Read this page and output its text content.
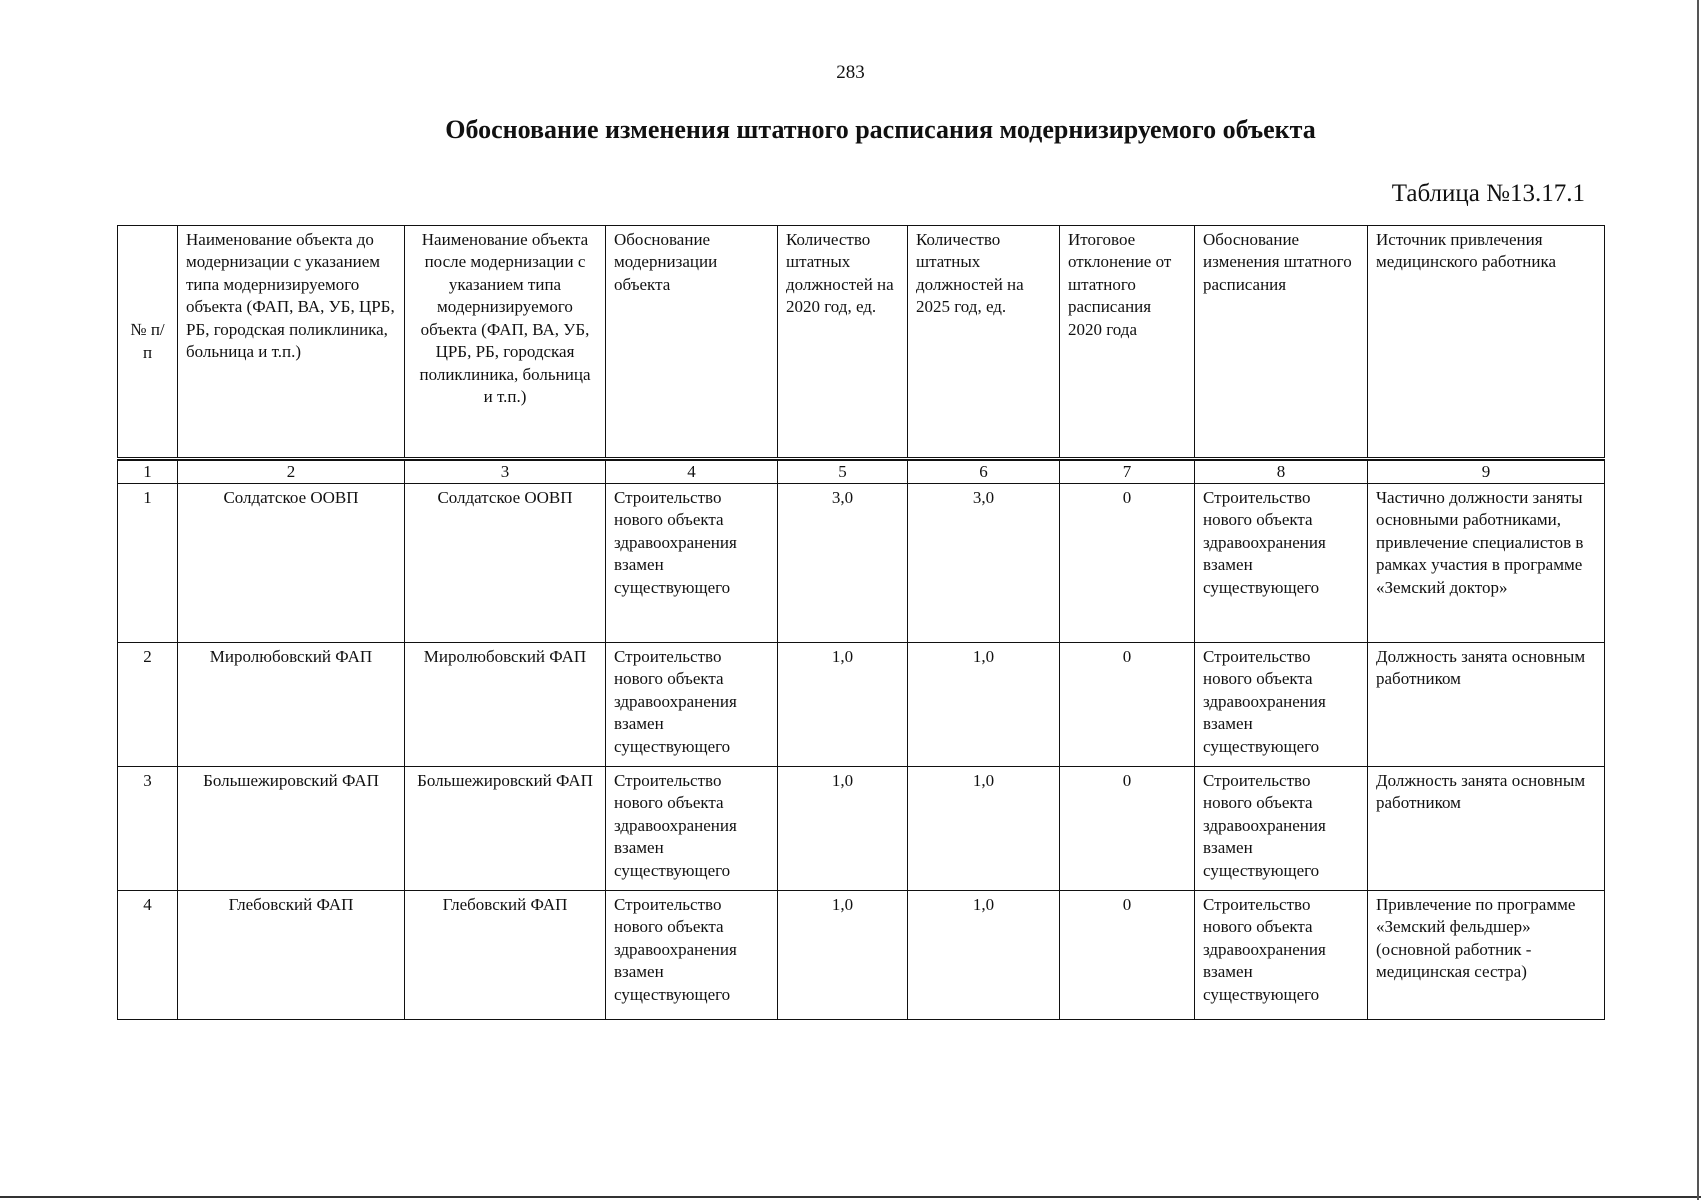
283
Обоснование изменения штатного расписания модернизируемого объекта
Таблица №13.17.1
№ п/п	Наименование объекта до модернизации с указанием типа модернизируемого объекта (ФАП, ВА, УБ, ЦРБ, РБ, городская поликлиника, больница и т.п.)	Наименование объекта после модернизации с указанием типа модернизируемого объекта (ФАП, ВА, УБ, ЦРБ, РБ, городская поликлиника, больница и т.п.)	Обоснование модернизации объекта	Количество штатных должностей на 2020 год, ед.	Количество штатных должностей на 2025 год, ед.	Итоговое отклонение от штатного расписания 2020 года	Обоснование изменения штатного расписания	Источник привлечения медицинского работника

1	2	3	4	5	6	7	8	9
1	Солдатское ООВП	Солдатское ООВП	Строительство нового объекта здравоохранения взамен существующего	3,0	3,0	0	Строительство нового объекта здравоохранения взамен существующего	Частично должности заняты основными работниками, привлечение специалистов в рамках участия в программе «Земский доктор»
2	Миролюбовский ФАП	Миролюбовский ФАП	Строительство нового объекта здравоохранения взамен существующего	1,0	1,0	0	Строительство нового объекта здравоохранения взамен существующего	Должность занята основным работником
3	Большежировский ФАП	Большежировский ФАП	Строительство нового объекта здравоохранения взамен существующего	1,0	1,0	0	Строительство нового объекта здравоохранения взамен существующего	Должность занята основным работником
4	Глебовский ФАП	Глебовский ФАП	Строительство нового объекта здравоохранения взамен существующего	1,0	1,0	0	Строительство нового объекта здравоохранения взамен существующего	Привлечение по программе «Земский фельдшер» (основной работник - медицинская сестра)
